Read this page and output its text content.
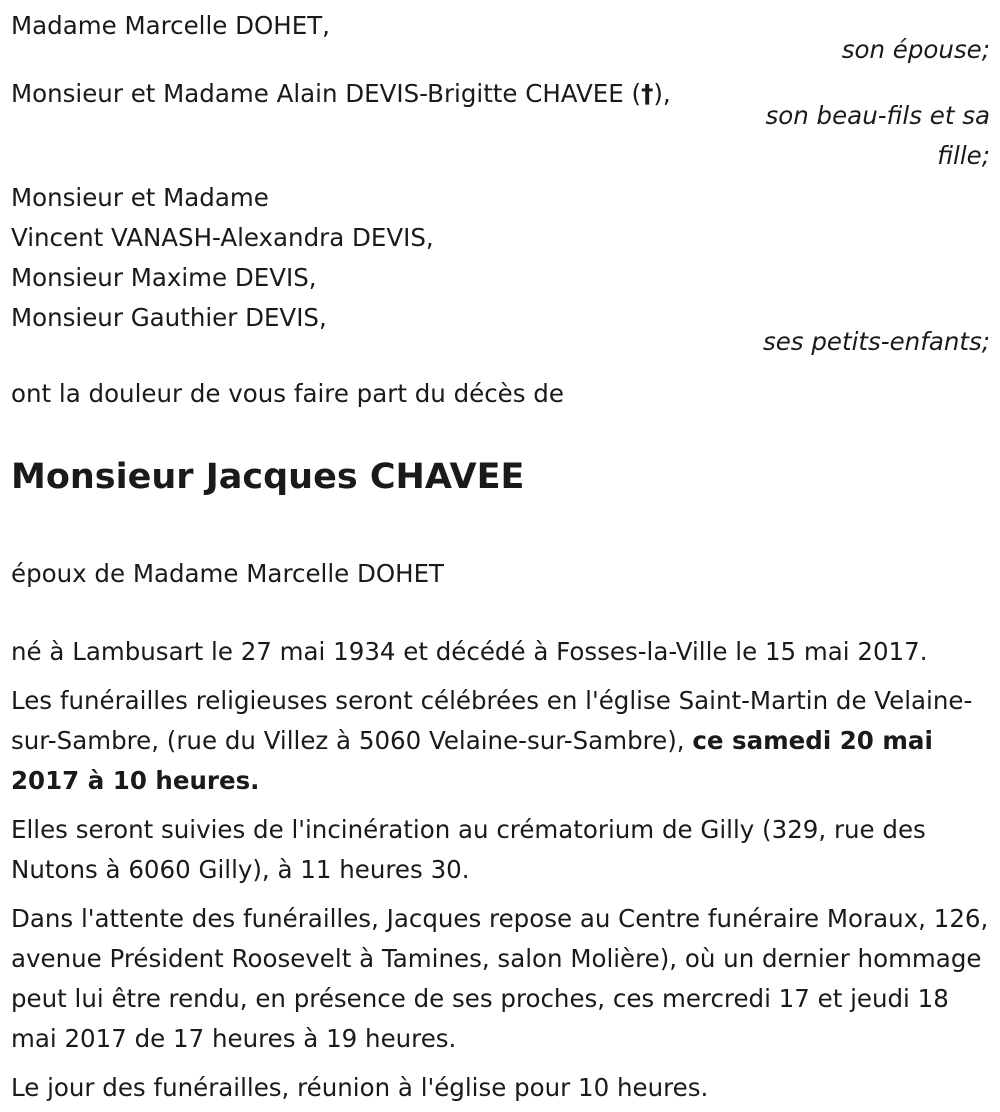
Madame Marcelle DOHET,

son épouse;

Monsieur et Madame Alain DEVIS-Brigitte CHAVEE (†),

son beau-fils et sa fille;

Monsieur et Madame

Vincent VANASH-Alexandra DEVIS,

Monsieur Maxime DEVIS,

Monsieur Gauthier DEVIS,

ses petits-enfants;

ont la douleur de vous faire part du décès de

Monsieur Jacques CHAVEE

époux de Madame Marcelle DOHET

né à Lambusart le 27 mai 1934 et décédé à Fosses-la-Ville le 15 mai 2017.

Les funérailles religieuses seront célébrées en l'église Saint-Martin de Velaine-sur-Sambre, (rue du Villez à 5060 Velaine-sur-Sambre), ce samedi 20 mai 2017 à 10 heures.

Elles seront suivies de l'incinération au crématorium de Gilly (329, rue des Nutons à 6060 Gilly), à 11 heures 30.

Dans l'attente des funérailles, Jacques repose au Centre funéraire Moraux, 126, avenue Président Roosevelt à Tamines, salon Molière), où un dernier hommage peut lui être rendu, en présence de ses proches, ces mercredi 17 et jeudi 18 mai 2017 de 17 heures à 19 heures.

Le jour des funérailles, réunion à l'église pour 10 heures.
